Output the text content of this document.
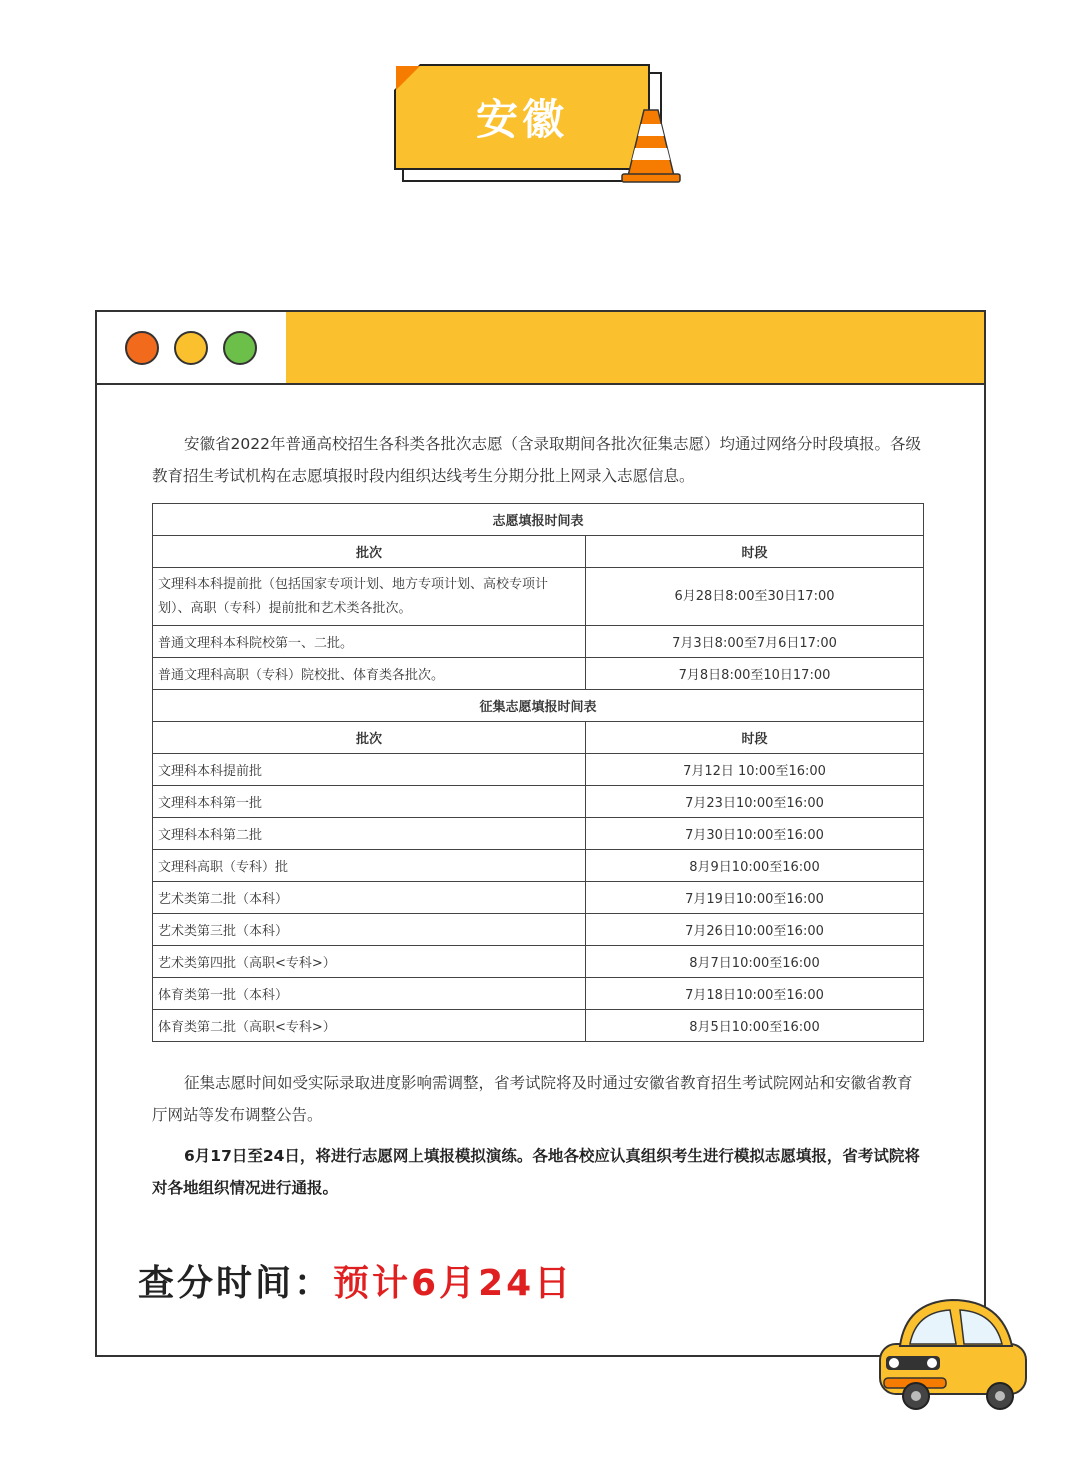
安徽

安徽省2022年普通高校招生各科类各批次志愿（含录取期间各批次征集志愿）均通过网络分时段填报。各级教育招生考试机构在志愿填报时段内组织达线考生分期分批上网录入志愿信息。

志愿填报时间表	
批次	时段
文理科本科提前批（包括国家专项计划、地方专项计划、高校专项计划）、高职（专科）提前批和艺术类各批次。	6月28日8:00至30日17:00
普通文理科本科院校第一、二批。	7月3日8:00至7月6日17:00
普通文理科高职（专科）院校批、体育类各批次。	7月8日8:00至10日17:00
征集志愿填报时间表	
批次	时段
文理科本科提前批	7月12日 10:00至16:00
文理科本科第一批	7月23日10:00至16:00
文理科本科第二批	7月30日10:00至16:00
文理科高职（专科）批	8月9日10:00至16:00
艺术类第二批（本科）	7月19日10:00至16:00
艺术类第三批（本科）	7月26日10:00至16:00
艺术类第四批（高职<专科>）	8月7日10:00至16:00
体育类第一批（本科）	7月18日10:00至16:00
体育类第二批（高职<专科>）	8月5日10:00至16:00

征集志愿时间如受实际录取进度影响需调整，省考试院将及时通过安徽省教育招生考试院网站和安徽省教育厅网站等发布调整公告。

6月17日至24日，将进行志愿网上填报模拟演练。各地各校应认真组织考生进行模拟志愿填报，省考试院将对各地组织情况进行通报。

查分时间：预计6月24日
